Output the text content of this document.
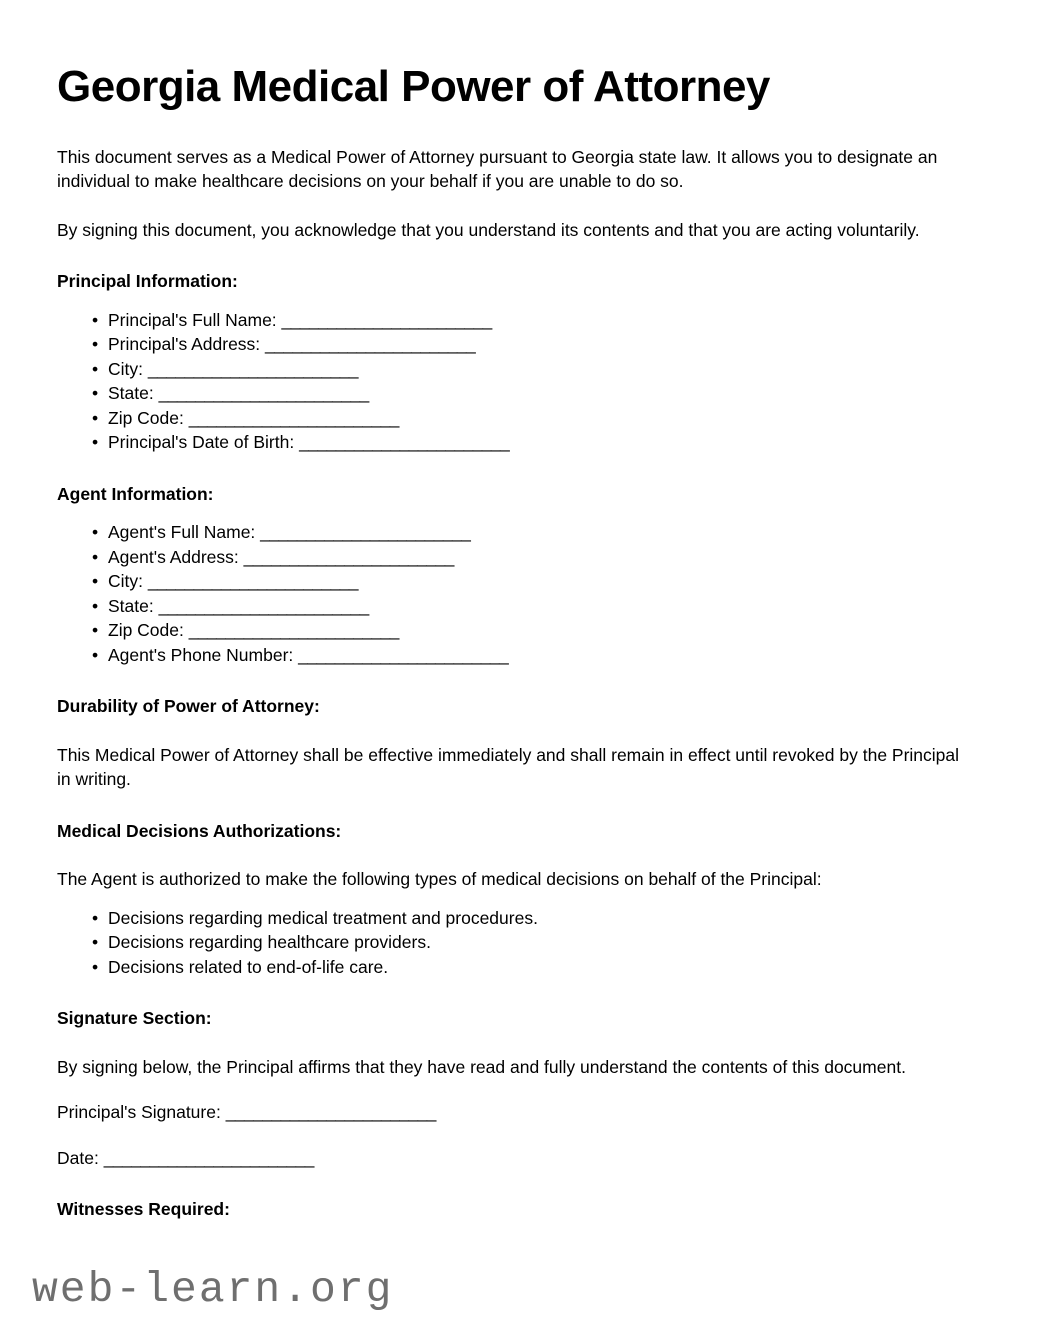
Georgia Medical Power of Attorney

This document serves as a Medical Power of Attorney pursuant to Georgia state law. It allows you to designate an individual to make healthcare decisions on your behalf if you are unable to do so.

By signing this document, you acknowledge that you understand its contents and that you are acting voluntarily.

Principal Information:
• Principal's Full Name: _______________________
• Principal's Address: _______________________
• City: _______________________
• State: _______________________
• Zip Code: _______________________
• Principal's Date of Birth: _______________________
Agent Information:
• Agent's Full Name: _______________________
• Agent's Address: _______________________
• City: _______________________
• State: _______________________
• Zip Code: _______________________
• Agent's Phone Number: _______________________
Durability of Power of Attorney:

This Medical Power of Attorney shall be effective immediately and shall remain in effect until revoked by the Principal in writing.

Medical Decisions Authorizations:

The Agent is authorized to make the following types of medical decisions on behalf of the Principal:

• Decisions regarding medical treatment and procedures.
• Decisions regarding healthcare providers.
• Decisions related to end-of-life care.
Signature Section:

By signing below, the Principal affirms that they have read and fully understand the contents of this document.

Principal's Signature: _______________________

Date: _______________________

Witnesses Required:
web-learn.org
